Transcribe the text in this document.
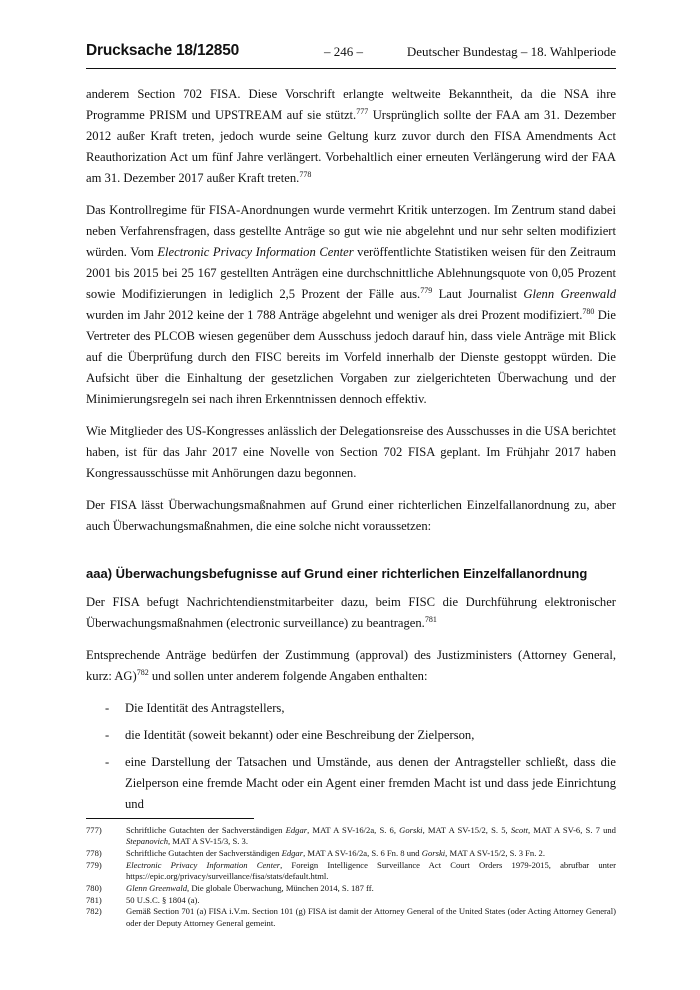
Drucksache 18/12850	– 246 –	Deutscher Bundestag – 18. Wahlperiode

anderem Section 702 FISA. Diese Vorschrift erlangte weltweite Bekanntheit, da die NSA ihre Programme PRISM und UPSTREAM auf sie stützt.$^{777}$ Ursprünglich sollte der FAA am 31. Dezember 2012 außer Kraft treten, jedoch wurde seine Geltung kurz zuvor durch den FISA Amendments Act Reauthorization Act um fünf Jahre verlängert. Vorbehaltlich einer erneuten Verlängerung wird der FAA am 31. Dezember 2017 außer Kraft treten.$^{778}$

Das Kontrollregime für FISA-Anordnungen wurde vermehrt Kritik unterzogen. Im Zentrum stand dabei neben Verfahrensfragen, dass gestellte Anträge so gut wie nie abgelehnt und nur sehr selten modifiziert würden. Vom Electronic Privacy Information Center veröffentlichte Statistiken weisen für den Zeitraum 2001 bis 2015 bei 25 167 gestellten Anträgen eine durchschnittliche Ablehnungsquote von 0,05 Prozent sowie Modifizierungen in lediglich 2,5 Prozent der Fälle aus.$^{779}$ Laut Journalist Glenn Greenwald wurden im Jahr 2012 keine der 1 788 Anträge abgelehnt und weniger als drei Prozent modifiziert.$^{780}$ Die Vertreter des PLCOB wiesen gegenüber dem Ausschuss jedoch darauf hin, dass viele Anträge mit Blick auf die Überprüfung durch den FISC bereits im Vorfeld innerhalb der Dienste gestoppt würden. Die Aufsicht über die Einhaltung der gesetzlichen Vorgaben zur zielgerichteten Überwachung und der Minimierungsregeln sei nach ihren Erkenntnissen dennoch effektiv.

Wie Mitglieder des US-Kongresses anlässlich der Delegationsreise des Ausschusses in die USA berichtet haben, ist für das Jahr 2017 eine Novelle von Section 702 FISA geplant. Im Frühjahr 2017 haben Kongressausschüsse mit Anhörungen dazu begonnen.

Der FISA lässt Überwachungsmaßnahmen auf Grund einer richterlichen Einzelfallanordnung zu, aber auch Überwachungsmaßnahmen, die eine solche nicht voraussetzen:

aaa) Überwachungsbefugnisse auf Grund einer richterlichen Einzelfallanordnung

Der FISA befugt Nachrichtendienstmitarbeiter dazu, beim FISC die Durchführung elektronischer Überwachungsmaßnahmen (electronic surveillance) zu beantragen.$^{781}$

Entsprechende Anträge bedürfen der Zustimmung (approval) des Justizministers (Attorney General, kurz: AG)$^{782}$ und sollen unter anderem folgende Angaben enthalten:

- Die Identität des Antragstellers,
- die Identität (soweit bekannt) oder eine Beschreibung der Zielperson,
- eine Darstellung der Tatsachen und Umstände, aus denen der Antragsteller schließt, dass die Zielperson eine fremde Macht oder ein Agent einer fremden Macht ist und dass jede Einrichtung und
777)	Schriftliche Gutachten der Sachverständigen Edgar, MAT A SV-16/2a, S. 6, Gorski, MAT A SV-15/2, S. 5, Scott, MAT A SV-6, S. 7 und Stepanovich, MAT A SV-15/3, S. 3.
778)	Schriftliche Gutachten der Sachverständigen Edgar, MAT A SV-16/2a, S. 6 Fn. 8 und Gorski, MAT A SV-15/2, S. 3 Fn. 2.
779)	Electronic Privacy Information Center, Foreign Intelligence Surveillance Act Court Orders 1979-2015, abrufbar unter https://epic.org/privacy/surveillance/fisa/stats/default.html.
780)	Glenn Greenwald, Die globale Überwachung, München 2014, S. 187 ff.
781)	50 U.S.C. § 1804 (a).
782)	Gemäß Section 701 (a) FISA i.V.m. Section 101 (g) FISA ist damit der Attorney General of the United States (oder Acting Attorney General) oder der Deputy Attorney General gemeint.
